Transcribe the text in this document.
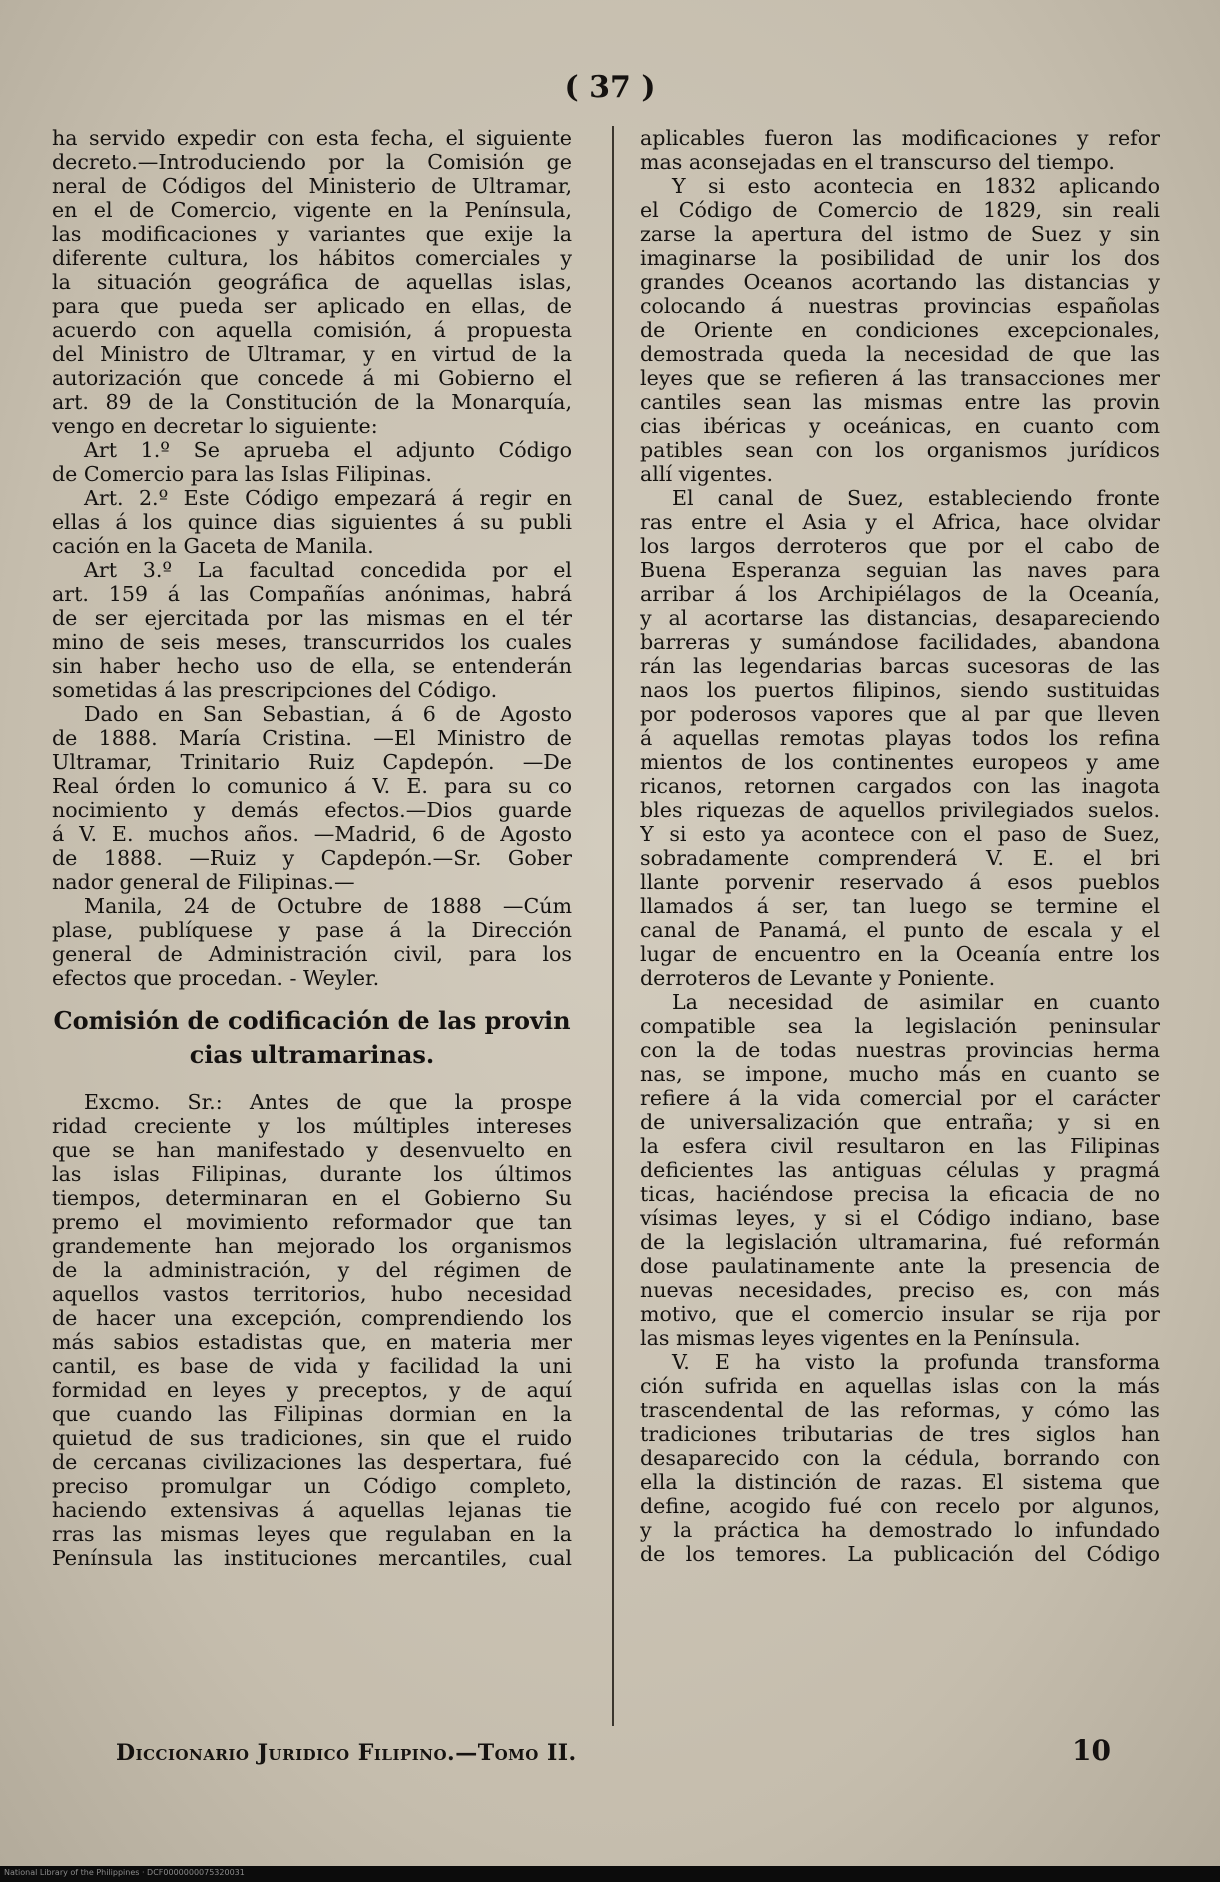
( 37 )
ha servido expedir con esta fecha, el siguiente
decreto.—Introduciendo por la Comisión ge
neral de Códigos del Ministerio de Ultramar,
en el de Comercio, vigente en la Península,
las modificaciones y variantes que exije la
diferente cultura, los hábitos comerciales y
la situación geográfica de aquellas islas,
para que pueda ser aplicado en ellas, de
acuerdo con aquella comisión, á propuesta
del Ministro de Ultramar, y en virtud de la
autorización que concede á mi Gobierno el
art. 89 de la Constitución de la Monarquía,
vengo en decretar lo siguiente:
Art 1.º Se aprueba el adjunto Código
de Comercio para las Islas Filipinas.
Art. 2.º Este Código empezará á regir en
ellas á los quince dias siguientes á su publi
cación en la Gaceta de Manila.
Art 3.º La facultad concedida por el
art. 159 á las Compañías anónimas, habrá
de ser ejercitada por las mismas en el tér
mino de seis meses, transcurridos los cuales
sin haber hecho uso de ella, se entenderán
sometidas á las prescripciones del Código.
Dado en San Sebastian, á 6 de Agosto
de 1888. María Cristina. —El Ministro de
Ultramar, Trinitario Ruiz Capdepón. —De
Real órden lo comunico á V. E. para su co
nocimiento y demás efectos.—Dios guarde
á V. E. muchos años. —Madrid, 6 de Agosto
de 1888. —Ruiz y Capdepón.—Sr. Gober
nador general de Filipinas.—
Manila, 24 de Octubre de 1888 —Cúm
plase, publíquese y pase á la Dirección
general de Administración civil, para los
efectos que procedan. - Weyler.
Comisión de codificación de las provin
cias ultramarinas.
Excmo. Sr.: Antes de que la prospe
ridad creciente y los múltiples intereses
que se han manifestado y desenvuelto en
las islas Filipinas, durante los últimos
tiempos, determinaran en el Gobierno Su
premo el movimiento reformador que tan
grandemente han mejorado los organismos
de la administración, y del régimen de
aquellos vastos territorios, hubo necesidad
de hacer una excepción, comprendiendo los
más sabios estadistas que, en materia mer
cantil, es base de vida y facilidad la uni
formidad en leyes y preceptos, y de aquí
que cuando las Filipinas dormian en la
quietud de sus tradiciones, sin que el ruido
de cercanas civilizaciones las despertara, fué
preciso promulgar un Código completo,
haciendo extensivas á aquellas lejanas tie
rras las mismas leyes que regulaban en la
Península las instituciones mercantiles, cual
aplicables fueron las modificaciones y refor
mas aconsejadas en el transcurso del tiempo.
Y si esto acontecia en 1832 aplicando
el Código de Comercio de 1829, sin reali
zarse la apertura del istmo de Suez y sin
imaginarse la posibilidad de unir los dos
grandes Oceanos acortando las distancias y
colocando á nuestras provincias españolas
de Oriente en condiciones excepcionales,
demostrada queda la necesidad de que las
leyes que se refieren á las transacciones mer
cantiles sean las mismas entre las provin
cias ibéricas y oceánicas, en cuanto com
patibles sean con los organismos jurídicos
allí vigentes.
El canal de Suez, estableciendo fronte
ras entre el Asia y el Africa, hace olvidar
los largos derroteros que por el cabo de
Buena Esperanza seguian las naves para
arribar á los Archipiélagos de la Oceanía,
y al acortarse las distancias, desapareciendo
barreras y sumándose facilidades, abandona
rán las legendarias barcas sucesoras de las
naos los puertos filipinos, siendo sustituidas
por poderosos vapores que al par que lleven
á aquellas remotas playas todos los refina
mientos de los continentes europeos y ame
ricanos, retornen cargados con las inagota
bles riquezas de aquellos privilegiados suelos.
Y si esto ya acontece con el paso de Suez,
sobradamente comprenderá V. E. el bri
llante porvenir reservado á esos pueblos
llamados á ser, tan luego se termine el
canal de Panamá, el punto de escala y el
lugar de encuentro en la Oceanía entre los
derroteros de Levante y Poniente.
La necesidad de asimilar en cuanto
compatible sea la legislación peninsular
con la de todas nuestras provincias herma
nas, se impone, mucho más en cuanto se
refiere á la vida comercial por el carácter
de universalización que entraña; y si en
la esfera civil resultaron en las Filipinas
deficientes las antiguas células y pragmá
ticas, haciéndose precisa la eficacia de no
vísimas leyes, y si el Código indiano, base
de la legislación ultramarina, fué reformán
dose paulatinamente ante la presencia de
nuevas necesidades, preciso es, con más
motivo, que el comercio insular se rija por
las mismas leyes vigentes en la Península.
V. E ha visto la profunda transforma
ción sufrida en aquellas islas con la más
trascendental de las reformas, y cómo las
tradiciones tributarias de tres siglos han
desaparecido con la cédula, borrando con
ella la distinción de razas. El sistema que
define, acogido fué con recelo por algunos,
y la práctica ha demostrado lo infundado
de los temores. La publicación del Código
Diccionario Juridico Filipino.—Tomo II.	10
National Library of the Philippines · DCF0000000075320031
